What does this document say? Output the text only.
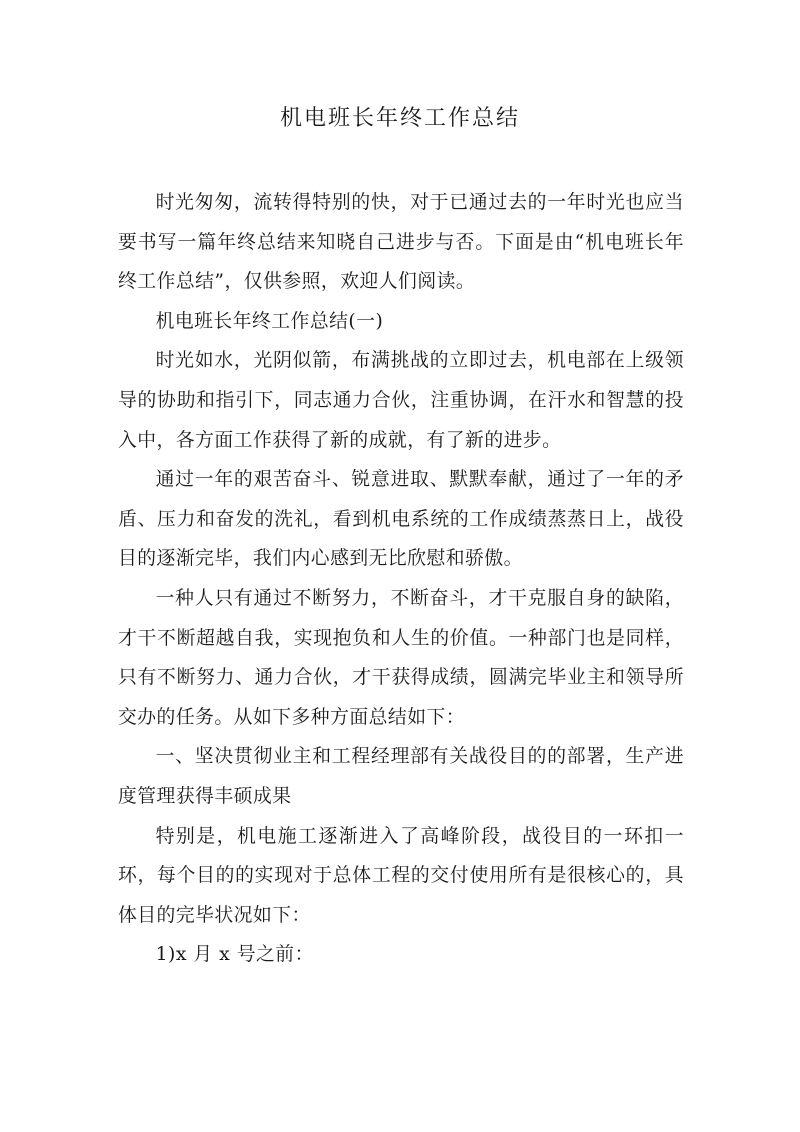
机电班长年终工作总结

时光匆匆，流转得特别的快，对于已通过去的一年时光也应当要书写一篇年终总结来知晓自己进步与否。下面是由“机电班长年终工作总结”，仅供参照，欢迎人们阅读。

机电班长年终工作总结(一)

时光如水，光阴似箭，布满挑战的立即过去，机电部在上级领导的协助和指引下，同志通力合伙，注重协调，在汗水和智慧的投入中，各方面工作获得了新的成就，有了新的进步。

通过一年的艰苦奋斗、锐意进取、默默奉献，通过了一年的矛盾、压力和奋发的洗礼，看到机电系统的工作成绩蒸蒸日上，战役目的逐渐完毕，我们内心感到无比欣慰和骄傲。

一种人只有通过不断努力，不断奋斗，才干克服自身的缺陷，才干不断超越自我，实现抱负和人生的价值。一种部门也是同样，只有不断努力、通力合伙，才干获得成绩，圆满完毕业主和领导所交办的任务。从如下多种方面总结如下：

一、坚决贯彻业主和工程经理部有关战役目的的部署，生产进度管理获得丰硕成果

特别是，机电施工逐渐进入了高峰阶段，战役目的一环扣一环，每个目的的实现对于总体工程的交付使用所有是很核心的，具体目的完毕状况如下：

1)x 月 x 号之前：
